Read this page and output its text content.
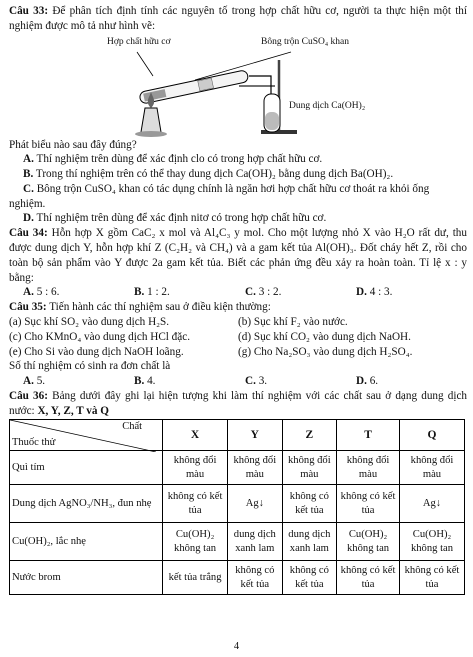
Câu 33: Để phân tích định tính các nguyên tố trong hợp chất hữu cơ, người ta thực hiện một thí nghiệm được mô tả như hình vẽ:

Hợp chất hữu cơ	Bông trộn CuSO₄ khan
Dung dịch Ca(OH)₂

Phát biểu nào sau đây đúng?

A. Thí nghiệm trên dùng để xác định clo có trong hợp chất hữu cơ.

B. Trong thí nghiệm trên có thể thay dung dịch Ca(OH)₂ bằng dung dịch Ba(OH)₂.

C. Bông trộn CuSO₄ khan có tác dụng chính là ngăn hơi hợp chất hữu cơ thoát ra khỏi ống nghiệm.

D. Thí nghiệm trên dùng để xác định nitơ có trong hợp chất hữu cơ.

Câu 34: Hỗn hợp X gồm CaC₂ x mol và Al₄C₃ y mol. Cho một lượng nhỏ X vào H₂O rất dư, thu được dung dịch Y, hỗn hợp khí Z (C₂H₂ và CH₄) và a gam kết tủa Al(OH)₃. Đốt cháy hết Z, rồi cho toàn bộ sản phẩm vào Y được 2a gam kết tủa. Biết các phản ứng đều xảy ra hoàn toàn. Tỉ lệ x : y bằng:

A. 5 : 6.	B. 1 : 2.	C. 3 : 2.	D. 4 : 3.

Câu 35: Tiến hành các thí nghiệm sau ở điều kiện thường:

(a) Sục khí SO₂ vào dung dịch H₂S.	(b) Sục khí F₂ vào nước.
(c) Cho KMnO₄ vào dung dịch HCl đặc.	(d) Sục khí CO₂ vào dung dịch NaOH.
(e) Cho Si vào dung dịch NaOH loãng.	(g) Cho Na₂SO₃ vào dung dịch H₂SO₄.

Số thí nghiệm có sinh ra đơn chất là

A. 5.	B. 4.	C. 3.	D. 6.

Câu 36: Bảng dưới đây ghi lại hiện tượng khi làm thí nghiệm với các chất sau ở dạng dung dịch nước: X, Y, Z, T và Q

Chất
Thuốc thử	X	Y	Z	T	Q
Quì tím	không đổi màu	không đổi màu	không đổi màu	không đổi màu	không đổi màu
Dung dịch AgNO₃/NH₃, đun nhẹ	không có kết tủa	Ag↓	không có kết tủa	không có kết tủa	Ag↓
Cu(OH)₂, lắc nhẹ	Cu(OH)₂ không tan	dung dịch xanh lam	dung dịch xanh lam	Cu(OH)₂ không tan	Cu(OH)₂ không tan
Nước brom	kết tủa trắng	không có kết tủa	không có kết tủa	không có kết tủa	không có kết tủa
4
